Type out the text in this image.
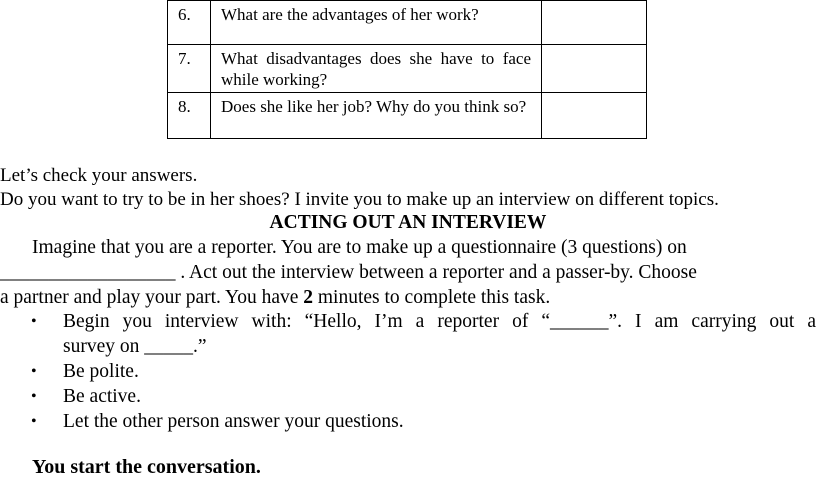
6.	What are the advantages of her work?	
7.	What disadvantages does she have to face while working?	
8.	Does she like her job? Why do you think so?	
Let’s check your answers.
Do you want to try to be in her shoes? I invite you to make up an interview on different topics.
ACTING OUT AN INTERVIEW
Imagine that you are a reporter. You are to make up a questionnaire (3 questions) on
__________________ . Act out the interview between a reporter and a passer-by. Choose
a partner and play your part. You have 2 minutes to complete this task.
• Begin you interview with: “Hello, I’m a reporter of “______”. I am carrying out a
survey on _____.”
• Be polite.
• Be active.
• Let the other person answer your questions.
You start the conversation.
